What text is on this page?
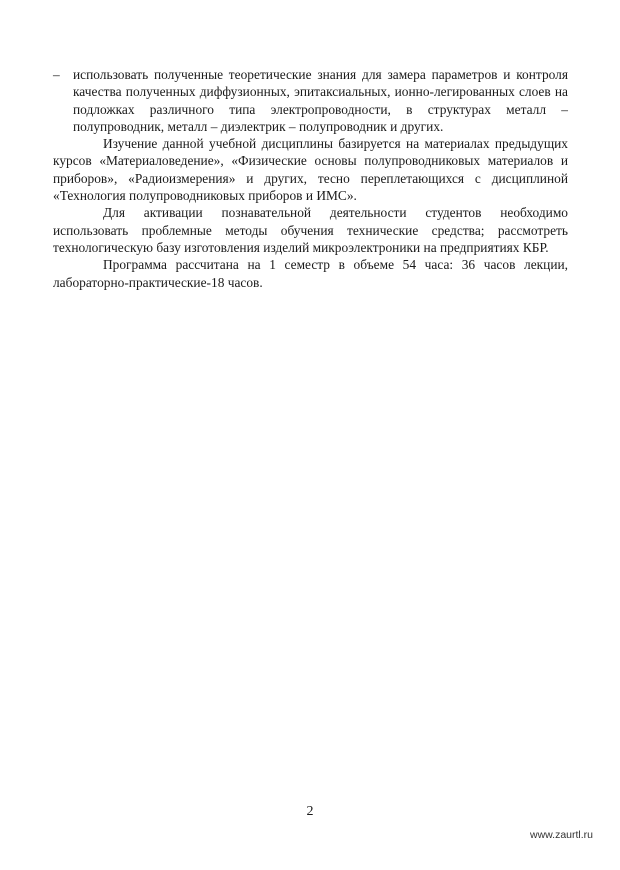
– использовать полученные теоретические знания для замера параметров и контроля качества полученных диффузионных, эпитаксиальных, ионно-легированных слоев на подложках различного типа электропроводности, в структурах металл – полупроводник, металл – диэлектрик – полупроводник и других.

Изучение данной учебной дисциплины базируется на материалах предыдущих курсов «Материаловедение», «Физические основы полупроводниковых материалов и приборов», «Радиоизмерения» и других, тесно переплетающихся с дисциплиной «Технология полупроводниковых приборов и ИМС».

Для активации познавательной деятельности студентов необходимо использовать проблемные методы обучения технические средства; рассмотреть технологическую базу изготовления изделий микроэлектроники на предприятиях КБР.

Программа рассчитана на 1 семестр в объеме 54 часа: 36 часов лекции, лабораторно-практические-18 часов.

2
www.zaurtl.ru
